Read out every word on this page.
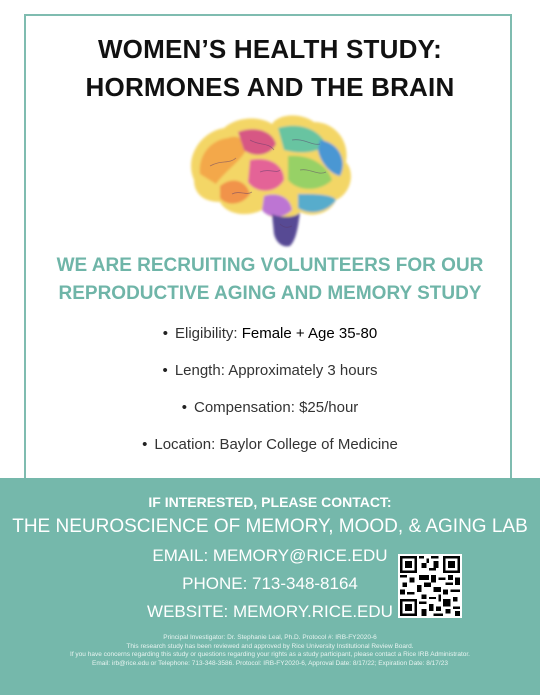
WOMEN’S HEALTH STUDY:
HORMONES AND THE BRAIN
WE ARE RECRUITING VOLUNTEERS FOR OUR
REPRODUCTIVE AGING AND MEMORY STUDY
• Eligibility: Female + Age 35-80
• Length: Approximately 3 hours
• Compensation: $25/hour
• Location: Baylor College of Medicine
IF INTERESTED, PLEASE CONTACT:
THE NEUROSCIENCE OF MEMORY, MOOD, & AGING LAB
EMAIL: MEMORY@RICE.EDU
PHONE: 713-348-8164
WEBSITE: MEMORY.RICE.EDU
Principal Investigator: Dr. Stephanie Leal, Ph.D. Protocol #: IRB-FY2020-6
This research study has been reviewed and approved by Rice University Institutional Review Board.
If you have concerns regarding this study or questions regarding your rights as a study participant, please contact a Rice IRB Administrator.
Email: irb@rice.edu or Telephone: 713-348-3586. Protocol: IRB-FY2020-6, Approval Date: 8/17/22; Expiration Date: 8/17/23
